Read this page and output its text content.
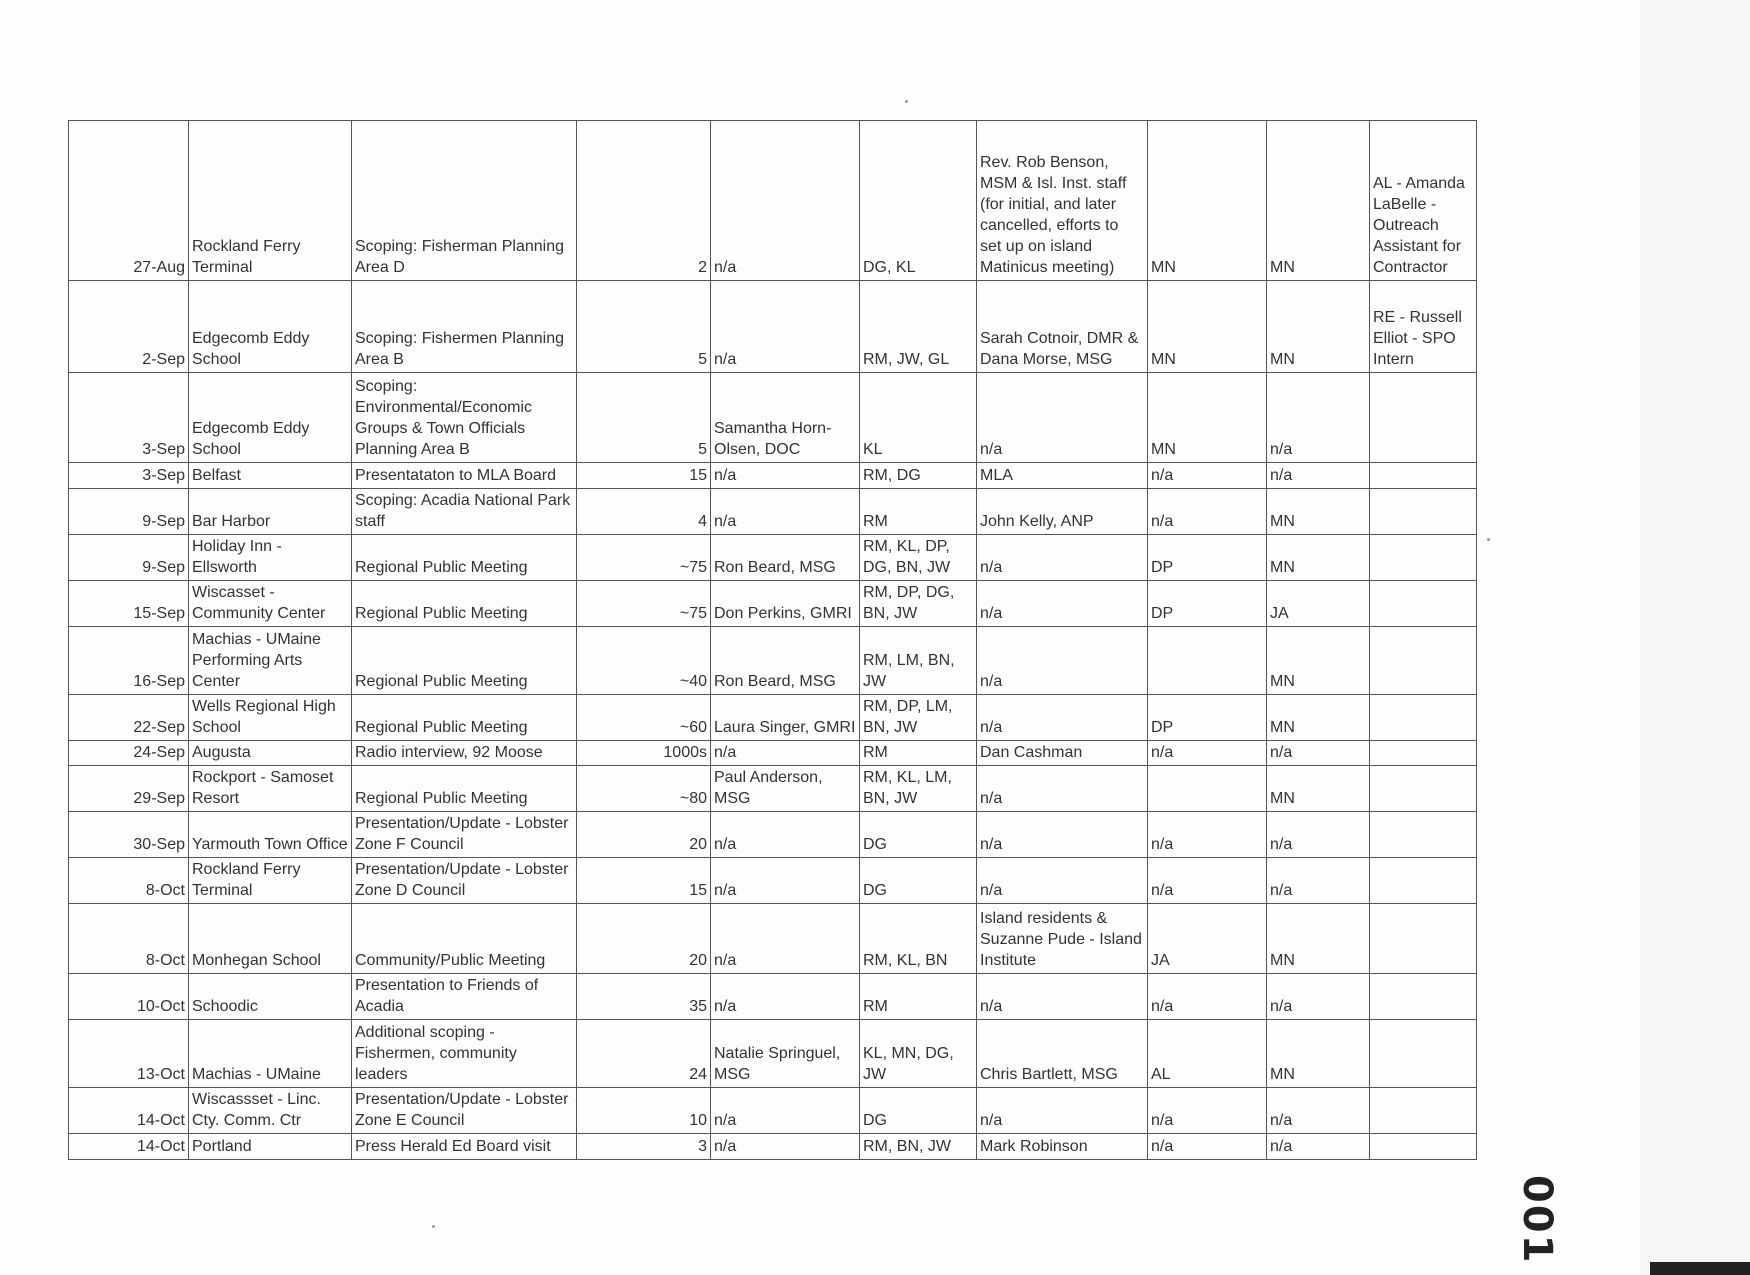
27-Aug	Rockland Ferry Terminal	Scoping: Fisherman Planning Area D	2	n/a	DG, KL	Rev. Rob Benson, MSM & Isl. Inst. staff (for initial, and later cancelled, efforts to set up on island Matinicus meeting)	MN	MN	AL - Amanda LaBelle - Outreach Assistant for Contractor
2-Sep	Edgecomb Eddy School	Scoping: Fishermen Planning Area B	5	n/a	RM, JW, GL	Sarah Cotnoir, DMR & Dana Morse, MSG	MN	MN	RE - Russell Elliot - SPO Intern
3-Sep	Edgecomb Eddy School	Scoping: Environmental/Economic Groups & Town Officials Planning Area B	5	Samantha Horn-Olsen, DOC	KL	n/a	MN	n/a	
3-Sep	Belfast	Presentataton to MLA Board	15	n/a	RM, DG	MLA	n/a	n/a	
9-Sep	Bar Harbor	Scoping: Acadia National Park staff	4	n/a	RM	John Kelly, ANP	n/a	MN	
9-Sep	Holiday Inn - Ellsworth	Regional Public Meeting	~75	Ron Beard, MSG	RM, KL, DP, DG, BN, JW	n/a	DP	MN	
15-Sep	Wiscasset - Community Center	Regional Public Meeting	~75	Don Perkins, GMRI	RM, DP, DG, BN, JW	n/a	DP	JA	
16-Sep	Machias - UMaine Performing Arts Center	Regional Public Meeting	~40	Ron Beard, MSG	RM, LM, BN, JW	n/a		MN	
22-Sep	Wells Regional High School	Regional Public Meeting	~60	Laura Singer, GMRI	RM, DP, LM, BN, JW	n/a	DP	MN	
24-Sep	Augusta	Radio interview, 92 Moose	1000s	n/a	RM	Dan Cashman	n/a	n/a	
29-Sep	Rockport - Samoset Resort	Regional Public Meeting	~80	Paul Anderson, MSG	RM, KL, LM, BN, JW	n/a		MN	
30-Sep	Yarmouth Town Office	Presentation/Update - Lobster Zone F Council	20	n/a	DG	n/a	n/a	n/a	
8-Oct	Rockland Ferry Terminal	Presentation/Update - Lobster Zone D Council	15	n/a	DG	n/a	n/a	n/a	
8-Oct	Monhegan School	Community/Public Meeting	20	n/a	RM, KL, BN	Island residents & Suzanne Pude - Island Institute	JA	MN	
10-Oct	Schoodic	Presentation to Friends of Acadia	35	n/a	RM	n/a	n/a	n/a	
13-Oct	Machias - UMaine	Additional scoping - Fishermen, community leaders	24	Natalie Springuel, MSG	KL, MN, DG, JW	Chris Bartlett, MSG	AL	MN	
14-Oct	Wiscassset - Linc. Cty. Comm. Ctr	Presentation/Update - Lobster Zone E Council	10	n/a	DG	n/a	n/a	n/a	
14-Oct	Portland	Press Herald Ed Board visit	3	n/a	RM, BN, JW	Mark Robinson	n/a	n/a	
001
